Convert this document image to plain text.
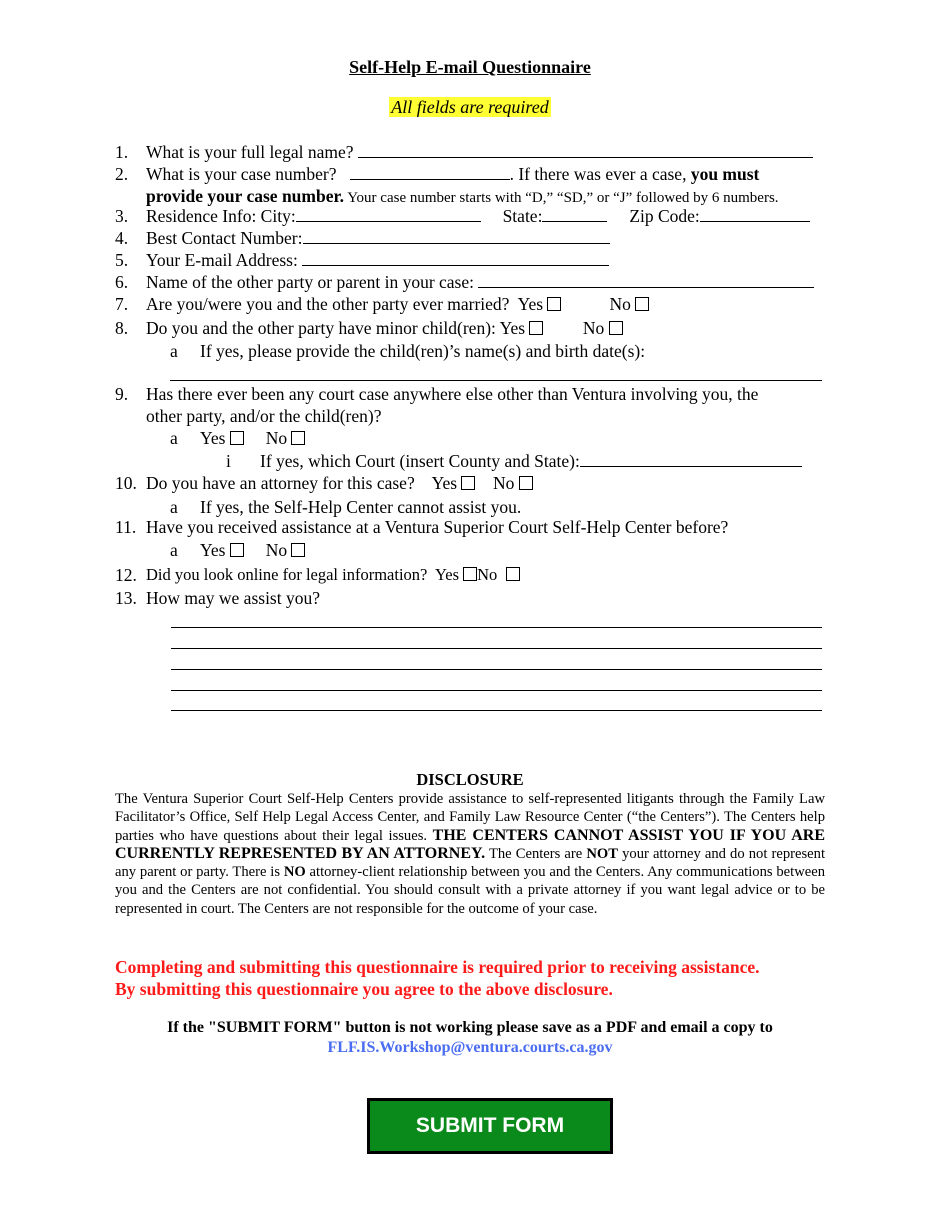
Self-Help E-mail Questionnaire
All fields are required
1. What is your full legal name?
2. What is your case number?	. If there was ever a case, you must
provide your case number. Your case number starts with “D,” “SD,” or “J” followed by 6 numbers.
3. Residence Info: City:	State:	Zip Code:
4. Best Contact Number:
5. Your E-mail Address:
6. Name of the other party or parent in your case:
7. Are you/were you and the other party ever married? Yes	No
8. Do you and the other party have minor child(ren): Yes	No
a If yes, please provide the child(ren)’s name(s) and birth date(s):
9. Has there ever been any court case anywhere else other than Ventura involving you, the
other party, and/or the child(ren)?
a Yes No
i If yes, which Court (insert County and State):
10. Do you have an attorney for this case? Yes No
a If yes, the Self-Help Center cannot assist you.
11. Have you received assistance at a Ventura Superior Court Self-Help Center before?
a Yes No
12. Did you look online for legal information? Yes No
13. How may we assist you?
DISCLOSURE
The Ventura Superior Court Self-Help Centers provide assistance to self-represented litigants through the Family Law Facilitator’s Office, Self Help Legal Access Center, and Family Law Resource Center (“the Centers”). The Centers help parties who have questions about their legal issues. THE CENTERS CANNOT ASSIST YOU IF YOU ARE CURRENTLY REPRESENTED BY AN ATTORNEY. The Centers are NOT your attorney and do not represent any parent or party. There is NO attorney-client relationship between you and the Centers. Any communications between you and the Centers are not confidential. You should consult with a private attorney if you want legal advice or to be represented in court. The Centers are not responsible for the outcome of your case.
Completing and submitting this questionnaire is required prior to receiving assistance.
By submitting this questionnaire you agree to the above disclosure.
If the "SUBMIT FORM" button is not working please save as a PDF and email a copy to
FLF.IS.Workshop@ventura.courts.ca.gov
SUBMIT FORM
